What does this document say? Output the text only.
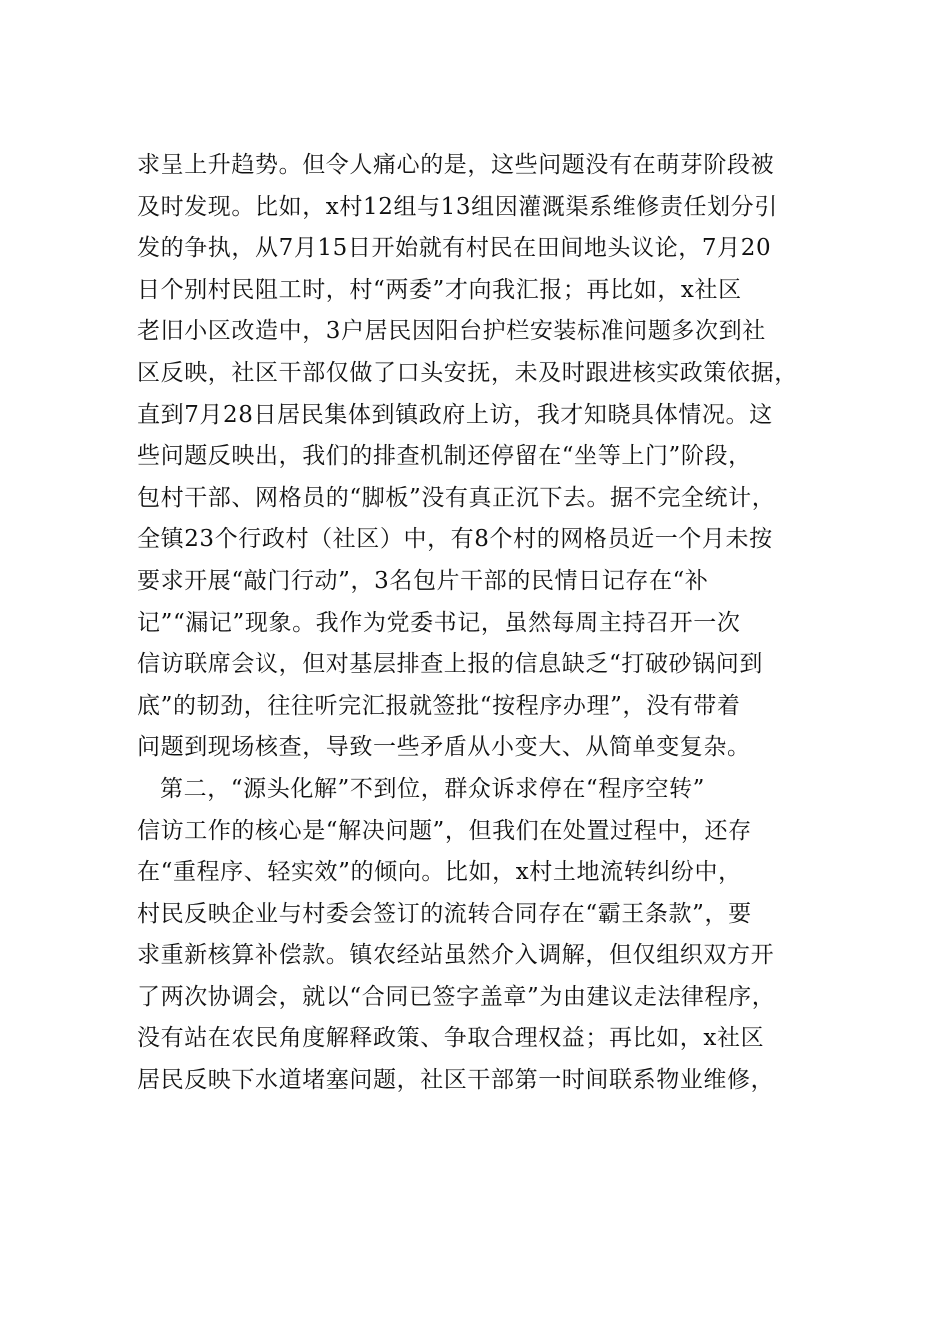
求呈上升趋势。但令人痛心的是，这些问题没有在萌芽阶段被
及时发现。比如，x村12组与13组因灌溉渠系维修责任划分引
发的争执，从7月15日开始就有村民在田间地头议论，7月20
日个别村民阻工时，村“两委”才向我汇报；再比如，x社区
老旧小区改造中，3户居民因阳台护栏安装标准问题多次到社
区反映，社区干部仅做了口头安抚，未及时跟进核实政策依据，
直到7月28日居民集体到镇政府上访，我才知晓具体情况。这
些问题反映出，我们的排查机制还停留在“坐等上门”阶段，
包村干部、网格员的“脚板”没有真正沉下去。据不完全统计，
全镇23个行政村（社区）中，有8个村的网格员近一个月未按
要求开展“敲门行动”，3名包片干部的民情日记存在“补
记”“漏记”现象。我作为党委书记，虽然每周主持召开一次
信访联席会议，但对基层排查上报的信息缺乏“打破砂锅问到
底”的韧劲，往往听完汇报就签批“按程序办理”，没有带着
问题到现场核查，导致一些矛盾从小变大、从简单变复杂。
第二，“源头化解”不到位，群众诉求停在“程序空转”
信访工作的核心是“解决问题”，但我们在处置过程中，还存
在“重程序、轻实效”的倾向。比如，x村土地流转纠纷中，
村民反映企业与村委会签订的流转合同存在“霸王条款”，要
求重新核算补偿款。镇农经站虽然介入调解，但仅组织双方开
了两次协调会，就以“合同已签字盖章”为由建议走法律程序，
没有站在农民角度解释政策、争取合理权益；再比如，x社区
居民反映下水道堵塞问题，社区干部第一时间联系物业维修，
